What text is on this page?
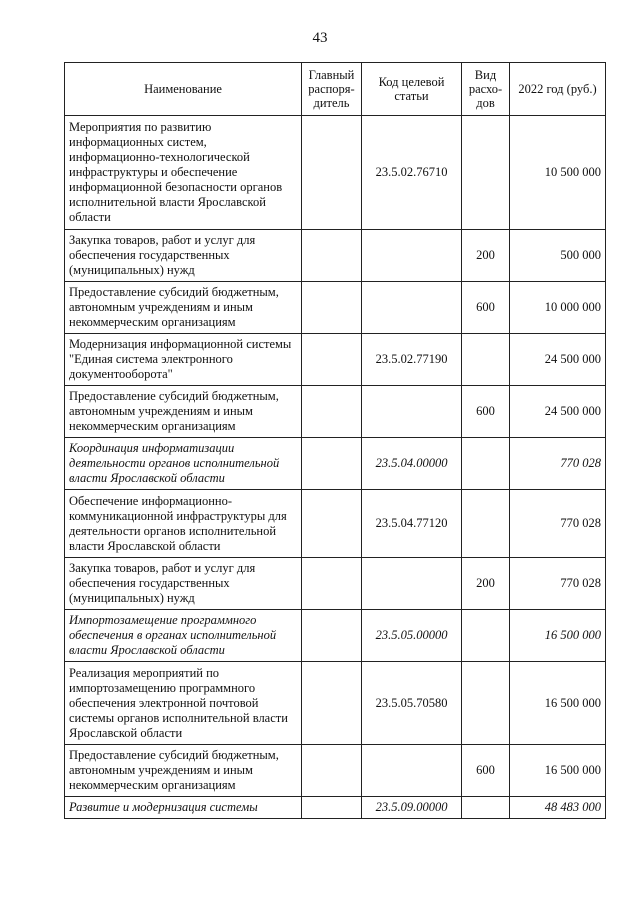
43
Наименование	Главный распоря-дитель	Код целевой статьи	Вид расхо-дов	2022 год (руб.)
Мероприятия по развитию информационных систем, информационно-технологической инфраструктуры и обеспечение информационной безопасности органов исполнительной власти Ярославской области		23.5.02.76710		10 500 000
Закупка товаров, работ и услуг для обеспечения государственных (муниципальных) нужд			200	500 000
Предоставление субсидий бюджетным, автономным учреждениям и иным некоммерческим организациям			600	10 000 000
Модернизация информационной системы "Единая система электронного документооборота"		23.5.02.77190		24 500 000
Предоставление субсидий бюджетным, автономным учреждениям и иным некоммерческим организациям			600	24 500 000
Координация информатизации деятельности органов исполнительной власти Ярославской области		23.5.04.00000		770 028
Обеспечение информационно-коммуникационной инфраструктуры для деятельности органов исполнительной власти Ярославской области		23.5.04.77120		770 028
Закупка товаров, работ и услуг для обеспечения государственных (муниципальных) нужд			200	770 028
Импортозамещение программного обеспечения в органах исполнительной власти Ярославской области		23.5.05.00000		16 500 000
Реализация мероприятий по импортозамещению программного обеспечения электронной почтовой системы органов исполнительной власти Ярославской области		23.5.05.70580		16 500 000
Предоставление субсидий бюджетным, автономным учреждениям и иным некоммерческим организациям			600	16 500 000
Развитие и модернизация системы		23.5.09.00000		48 483 000
